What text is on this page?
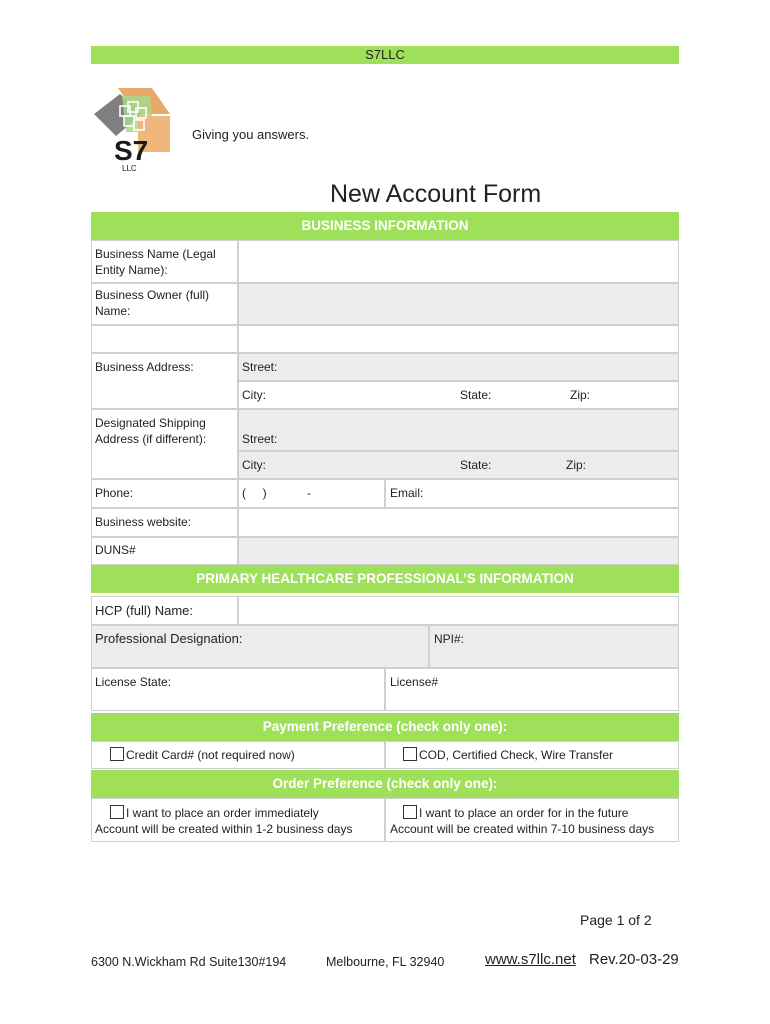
S7LLC
S7
LLC
Giving you answers.
New Account Form
BUSINESS INFORMATION
Business Name (Legal Entity Name):
Business Owner (full) Name:
Business Address:	Street:
City:	State:	Zip:
Designated Shipping Address (if different):	Street:
City:	State:	Zip:
Phone:	(     )	-	Email:
Business website:
DUNS#
PRIMARY HEALTHCARE PROFESSIONAL’S INFORMATION
HCP (full) Name:
Professional Designation:	NPI#:
License State:	License#
Payment Preference (check only one):
Credit Card# (not required now)	COD, Certified Check, Wire Transfer
Order Preference (check only one):
I want to place an order immediately
Account will be created within 1-2 business days
I want to place an order for in the future
Account will be created within 7-10 business days
Page 1 of 2
6300 N.Wickham Rd Suite130#194	Melbourne, FL 32940	www.s7llc.net Rev.20-03-29
